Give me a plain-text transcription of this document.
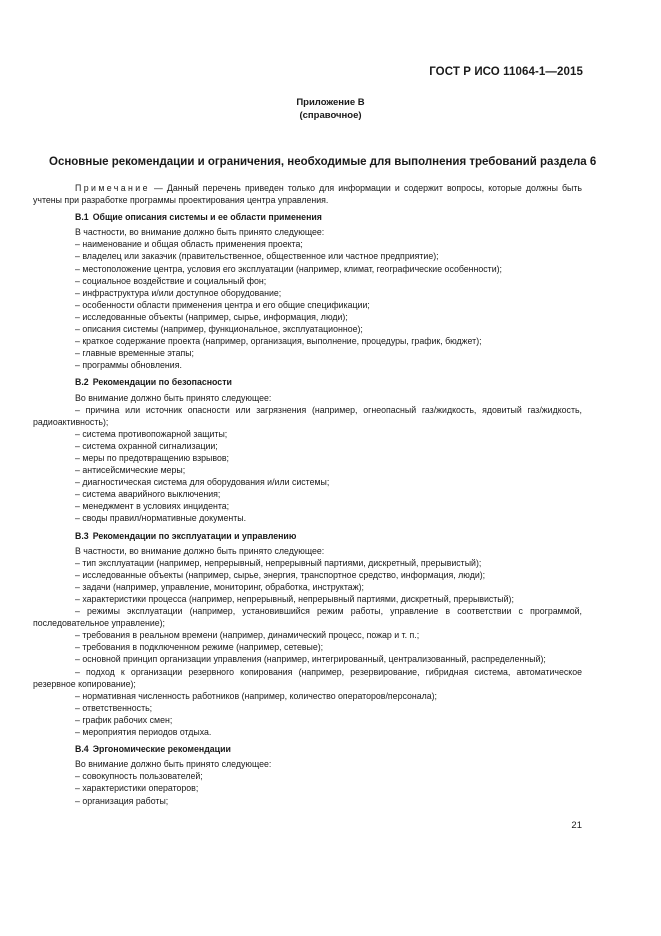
ГОСТ Р ИСО 11064-1—2015
Приложение В
(справочное)
Основные рекомендации и ограничения, необходимые для выполнения требований раздела 6

Примечание — Данный перечень приведен только для информации и содержит вопросы, которые должны быть учтены при разработке программы проектирования центра управления.

В.1 Общие описания системы и ее области применения

В частности, во внимание должно быть принято следующее:

– наименование и общая область применения проекта;

– владелец или заказчик (правительственное, общественное или частное предприятие);

– местоположение центра, условия его эксплуатации (например, климат, географические особенности);

– социальное воздействие и социальный фон;

– инфраструктура и/или доступное оборудование;

– особенности области применения центра и его общие спецификации;

– исследованные объекты (например, сырье, информация, люди);

– описания системы (например, функциональное, эксплуатационное);

– краткое содержание проекта (например, организация, выполнение, процедуры, график, бюджет);

– главные временные этапы;

– программы обновления.

В.2 Рекомендации по безопасности

Во внимание должно быть принято следующее:

– причина или источник опасности или загрязнения (например, огнеопасный газ/жидкость, ядовитый газ/жидкость, радиоактивность);

– система противопожарной защиты;

– система охранной сигнализации;

– меры по предотвращению взрывов;

– антисейсмические меры;

– диагностическая система для оборудования и/или системы;

– система аварийного выключения;

– менеджмент в условиях инцидента;

– своды правил/нормативные документы.

В.3 Рекомендации по эксплуатации и управлению

В частности, во внимание должно быть принято следующее:

– тип эксплуатации (например, непрерывный, непрерывный партиями, дискретный, прерывистый);

– исследованные объекты (например, сырье, энергия, транспортное средство, информация, люди);

– задачи (например, управление, мониторинг, обработка, инструктаж);

– характеристики процесса (например, непрерывный, непрерывный партиями, дискретный, прерывистый);

– режимы эксплуатации (например, установившийся режим работы, управление в соответствии с программой, последовательное управление);

– требования в реальном времени (например, динамический процесс, пожар и т. п.;

– требования в подключенном режиме (например, сетевые);

– основной принцип организации управления (например, интегрированный, централизованный, распределенный);

– подход к организации резервного копирования (например, резервирование, гибридная система, автоматическое резервное копирование);

– нормативная численность работников (например, количество операторов/персонала);

– ответственность;

– график рабочих смен;

– мероприятия периодов отдыха.

В.4 Эргономические рекомендации

Во внимание должно быть принято следующее:

– совокупность пользователей;

– характеристики операторов;

– организация работы;

21
